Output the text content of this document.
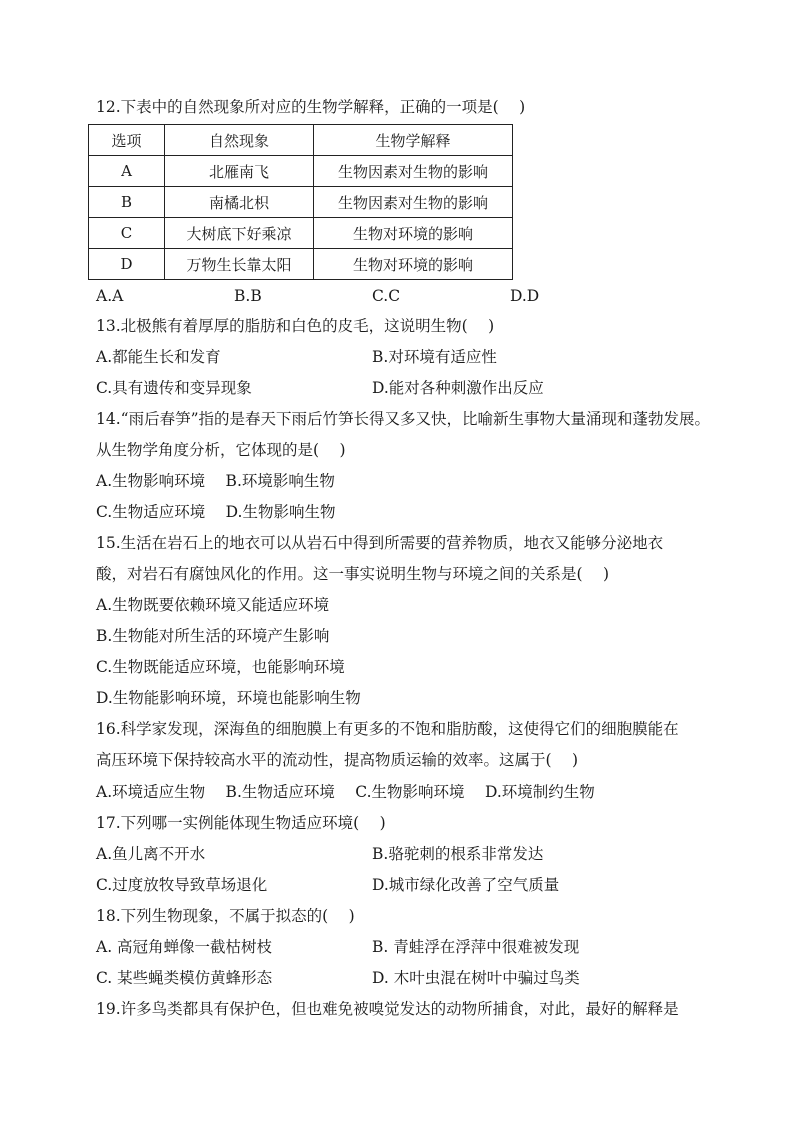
12.下表中的自然现象所对应的生物学解释，正确的一项是(　 )
选项	自然现象	生物学解释
A	北雁南飞	生物因素对生物的影响
B	南橘北枳	生物因素对生物的影响
C	大树底下好乘凉	生物对环境的影响
D	万物生长靠太阳	生物对环境的影响
A.A	B.B	C.C	D.D
13.北极熊有着厚厚的脂肪和白色的皮毛，这说明生物(　 )
A.都能生长和发育	B.对环境有适应性
C.具有遗传和变异现象	D.能对各种刺激作出反应
14.“雨后春笋”指的是春天下雨后竹笋长得又多又快，比喻新生事物大量涌现和蓬勃发展。
从生物学角度分析，它体现的是(　 )
A.生物影响环境　 B.环境影响生物
C.生物适应环境　 D.生物影响生物
15.生活在岩石上的地衣可以从岩石中得到所需要的营养物质，地衣又能够分泌地衣
酸，对岩石有腐蚀风化的作用。这一事实说明生物与环境之间的关系是(　 )
A.生物既要依赖环境又能适应环境
B.生物能对所生活的环境产生影响
C.生物既能适应环境，也能影响环境
D.生物能影响环境，环境也能影响生物
16.科学家发现，深海鱼的细胞膜上有更多的不饱和脂肪酸，这使得它们的细胞膜能在
高压环境下保持较高水平的流动性，提高物质运输的效率。这属于(　 )
A.环境适应生物　 B.生物适应环境　 C.生物影响环境　 D.环境制约生物
17.下列哪一实例能体现生物适应环境(　 )
A.鱼儿离不开水	B.骆驼刺的根系非常发达
C.过度放牧导致草场退化	D.城市绿化改善了空气质量
18.下列生物现象，不属于拟态的(　 )
A. 高冠角蝉像一截枯树枝	B. 青蛙浮在浮萍中很难被发现
C. 某些蝇类模仿黄蜂形态	D. 木叶虫混在树叶中骗过鸟类
19.许多鸟类都具有保护色，但也难免被嗅觉发达的动物所捕食，对此，最好的解释是
